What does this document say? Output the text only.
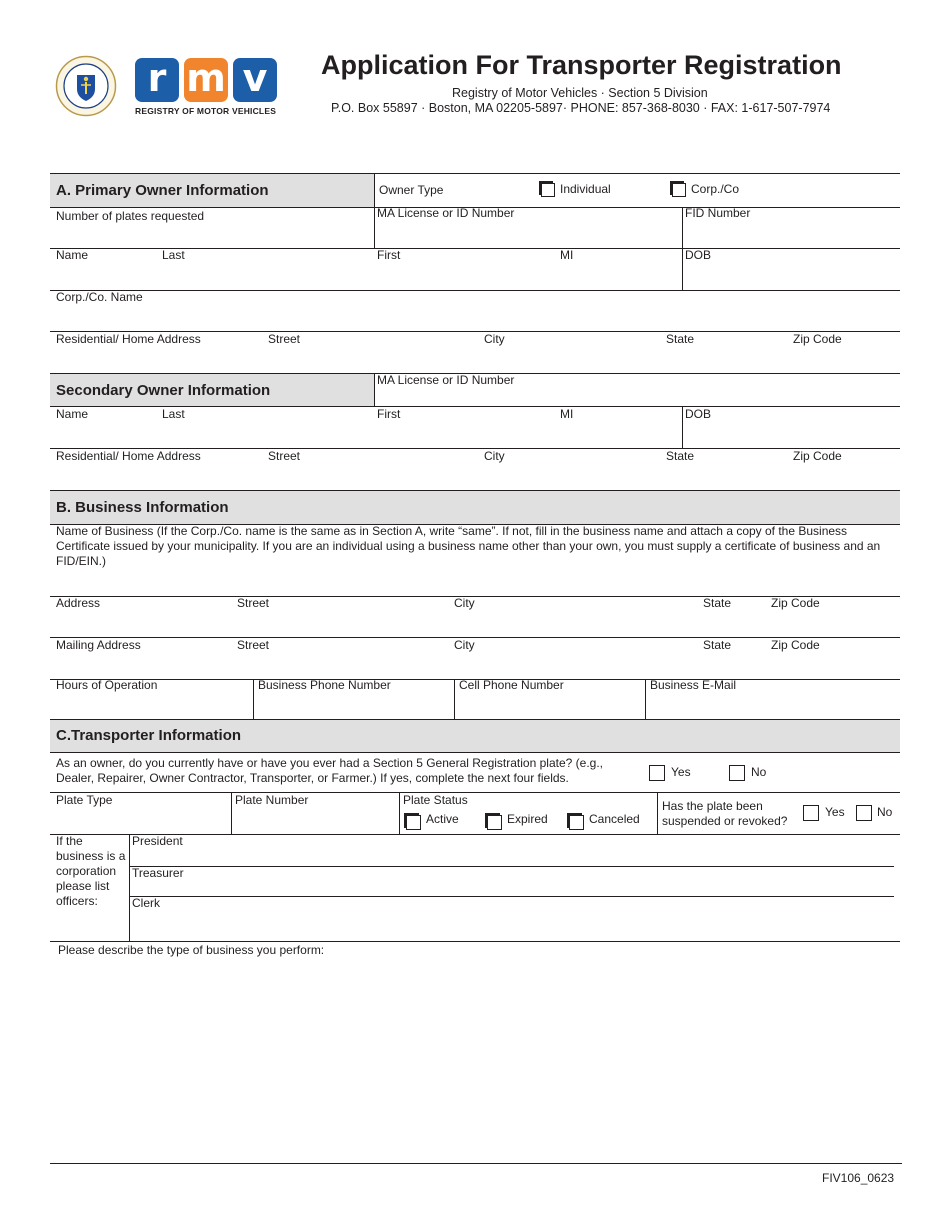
r m v
REGISTRY OF MOTOR VEHICLES
Application For Transporter Registration
Registry of Motor Vehicles · Section 5 Division
P.O. Box 55897 · Boston, MA 02205-5897· PHONE: 857-368-8030 · FAX: 1-617-507-7974
A. Primary Owner Information	Owner Type	Individual	Corp./Co
Number of plates requested	MA License or ID Number	FID Number
Name	Last	First	MI	DOB
Corp./Co. Name
Residential/ Home Address	Street	City	State	Zip Code
Secondary Owner Information
MA License or ID Number
Name	Last	First	MI	DOB
Residential/ Home Address	Street	City	State	Zip Code
B. Business Information
Name of Business (If the Corp./Co. name is the same as in Section A, write “same”. If not, fill in the business name and attach a copy of the Business Certificate issued by your municipality. If you are an individual using a business name other than your own, you must supply a certificate of business and an FID/EIN.)
Address	Street	City	State	Zip Code
Mailing Address	Street	City	State	Zip Code
Hours of Operation	Business Phone Number	Cell Phone Number	Business E-Mail
C.Transporter Information
As an owner, do you currently have or have you ever had a Section 5 General Registration plate? (e.g., Dealer, Repairer, Owner Contractor, Transporter, or Farmer.) If yes, complete the next four fields.	Yes	No
Plate Type	Plate Number	Plate Status
Active	Expired	Canceled
Has the plate been suspended or revoked?
Yes	No
If the business is a corporation please list officers:
President
Treasurer
Clerk
Please describe the type of business you perform:
FIV106_0623
